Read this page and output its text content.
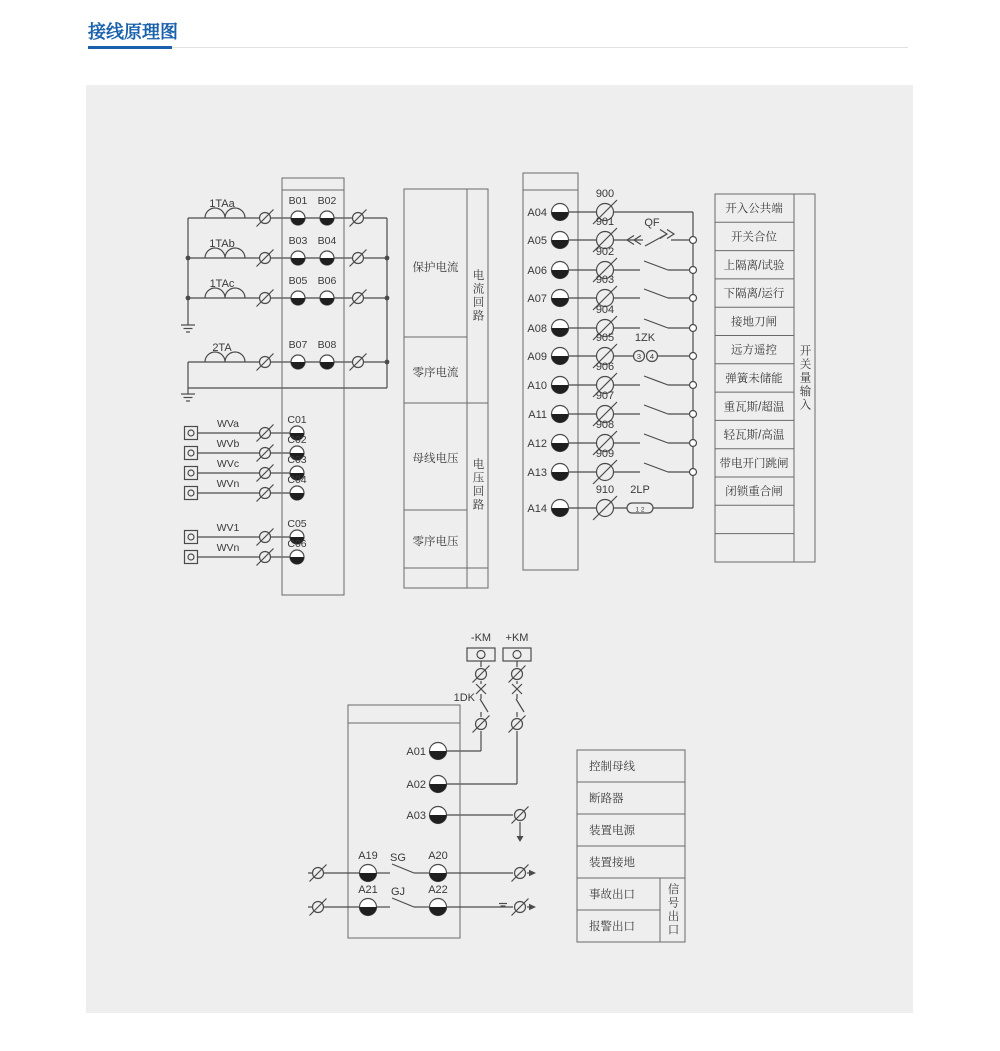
接线原理图
1TAa	B01 B02
1TAb	B03 B04
1TAc	B05 B06
2TA	B07 B08
WVa	C01
WVb	C02
WVc	C03
WVn	C04
WV1	C05
WVn	C06
保护电流
零序电流
母线电压
零序电压
A04
900
A05
901	QF
A06
902
A07
903
A08
904
A09
905 1ZK
3 4
A10
906
A11
907
A12
908
A13
909
A14
910 2LP
1 2
开入公共端
开关合位
上隔离/试验
下隔离/运行
接地刀闸
远方遥控
弹簧未储能
重瓦斯/超温
轻瓦斯/高温
带电开门跳闸
闭锁重合闸
-KM +KM
1DK
A01
A02
A03
A19 SG A20
A21 GJ A22
控制母线
断路器
装置电源
装置接地
事故出口
报警出口
电流回路
电压回路
开关量输入
信号出口
